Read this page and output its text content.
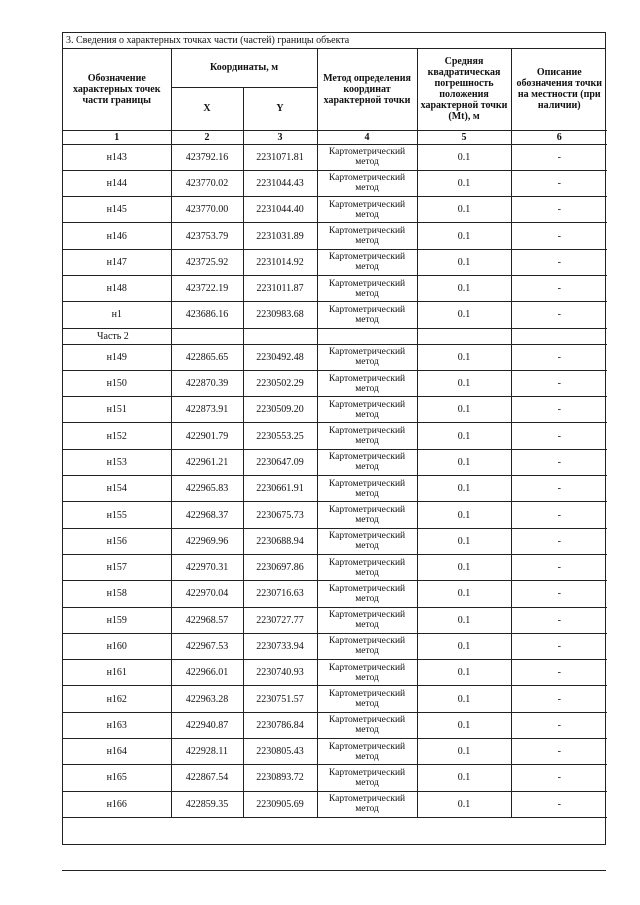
3. Сведения о характерных точках части (частей) границы объекта
Обозначение характерных точек части границы	Координаты, м		Метод определения координат характерной точки	Средняя квадратическая погрешность положения характерной точки (Mt), м	Описание обозначения точки на местности (при наличии)
	X	Y			
1	2	3	4	5	6
н143	423792.16	2231071.81	Картометрический метод	0.1	-
н144	423770.02	2231044.43	Картометрический метод	0.1	-
н145	423770.00	2231044.40	Картометрический метод	0.1	-
н146	423753.79	2231031.89	Картометрический метод	0.1	-
н147	423725.92	2231014.92	Картометрический метод	0.1	-
н148	423722.19	2231011.87	Картометрический метод	0.1	-
н1	423686.16	2230983.68	Картометрический метод	0.1	-
Часть 2					
н149	422865.65	2230492.48	Картометрический метод	0.1	-
н150	422870.39	2230502.29	Картометрический метод	0.1	-
н151	422873.91	2230509.20	Картометрический метод	0.1	-
н152	422901.79	2230553.25	Картометрический метод	0.1	-
н153	422961.21	2230647.09	Картометрический метод	0.1	-
н154	422965.83	2230661.91	Картометрический метод	0.1	-
н155	422968.37	2230675.73	Картометрический метод	0.1	-
н156	422969.96	2230688.94	Картометрический метод	0.1	-
н157	422970.31	2230697.86	Картометрический метод	0.1	-
н158	422970.04	2230716.63	Картометрический метод	0.1	-
н159	422968.57	2230727.77	Картометрический метод	0.1	-
н160	422967.53	2230733.94	Картометрический метод	0.1	-
н161	422966.01	2230740.93	Картометрический метод	0.1	-
н162	422963.28	2230751.57	Картометрический метод	0.1	-
н163	422940.87	2230786.84	Картометрический метод	0.1	-
н164	422928.11	2230805.43	Картометрический метод	0.1	-
н165	422867.54	2230893.72	Картометрический метод	0.1	-
н166	422859.35	2230905.69	Картометрический метод	0.1	-
